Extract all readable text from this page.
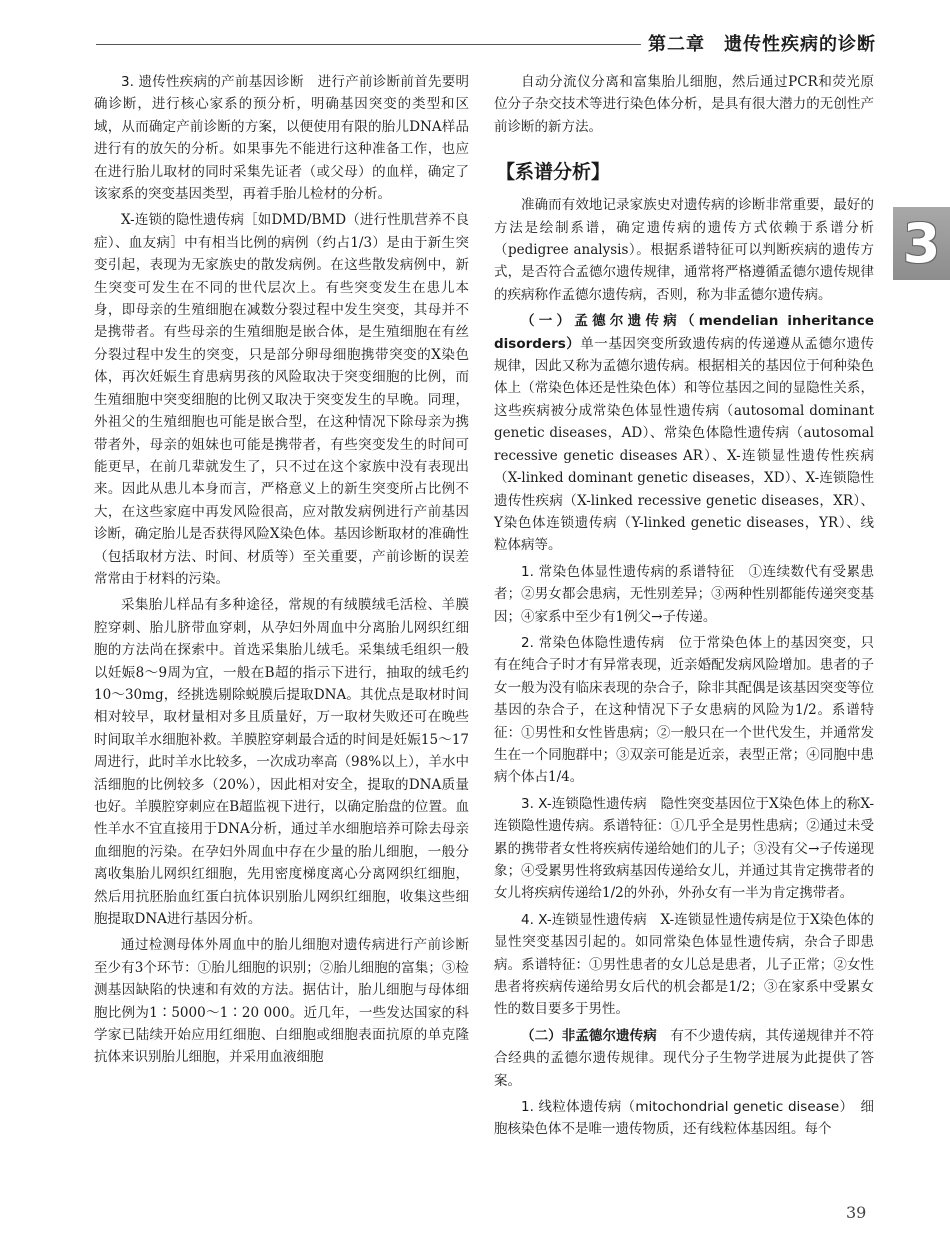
第二章　遗传性疾病的诊断
3

3. 遗传性疾病的产前基因诊断　 进行产前诊断前首先要明确诊断，进行核心家系的预分析，明确基因突变的类型和区域，从而确定产前诊断的方案，以便使用有限的胎儿DNA样品进行有的放矢的分析。如果事先不能进行这种准备工作，也应在进行胎儿取材的同时采集先证者（或父母）的血样，确定了该家系的突变基因类型，再着手胎儿检材的分析。

X-连锁的隐性遗传病［如DMD/BMD（进行性肌营养不良症）、血友病］中有相当比例的病例（约占1/3）是由于新生突变引起，表现为无家族史的散发病例。在这些散发病例中，新生突变可发生在不同的世代层次上。有些突变发生在患儿本身，即母亲的生殖细胞在减数分裂过程中发生突变，其母并不是携带者。有些母亲的生殖细胞是嵌合体，是生殖细胞在有丝分裂过程中发生的突变，只是部分卵母细胞携带突变的X染色体，再次妊娠生育患病男孩的风险取决于突变细胞的比例，而生殖细胞中突变细胞的比例又取决于突变发生的早晚。同理，外祖父的生殖细胞也可能是嵌合型，在这种情况下除母亲为携带者外，母亲的姐妹也可能是携带者，有些突变发生的时间可能更早，在前几辈就发生了，只不过在这个家族中没有表现出来。因此从患儿本身而言，严格意义上的新生突变所占比例不大，在这些家庭中再发风险很高，应对散发病例进行产前基因诊断，确定胎儿是否获得风险X染色体。基因诊断取材的准确性（包括取材方法、时间、材质等）至关重要，产前诊断的误差常常由于材料的污染。

采集胎儿样品有多种途径，常规的有绒膜绒毛活检、羊膜腔穿刺、胎儿脐带血穿刺，从孕妇外周血中分离胎儿网织红细胞的方法尚在探索中。首选采集胎儿绒毛。采集绒毛组织一般以妊娠8～9周为宜，一般在B超的指示下进行，抽取的绒毛约10～30mg，经挑选剔除蜕膜后提取DNA。其优点是取材时间相对较早，取材量相对多且质量好，万一取材失败还可在晚些时间取羊水细胞补救。羊膜腔穿刺最合适的时间是妊娠15～17周进行，此时羊水比较多，一次成功率高（98%以上），羊水中活细胞的比例较多（20%），因此相对安全，提取的DNA质量也好。羊膜腔穿刺应在B超监视下进行，以确定胎盘的位置。血性羊水不宜直接用于DNA分析，通过羊水细胞培养可除去母亲血细胞的污染。在孕妇外周血中存在少量的胎儿细胞，一般分离收集胎儿网织红细胞，先用密度梯度离心分离网织红细胞，然后用抗胚胎血红蛋白抗体识别胎儿网织红细胞，收集这些细胞提取DNA进行基因分析。

通过检测母体外周血中的胎儿细胞对遗传病进行产前诊断至少有3个环节：①胎儿细胞的识别；②胎儿细胞的富集；③检测基因缺陷的快速和有效的方法。据估计，胎儿细胞与母体细胞比例为1∶5000～1∶20 000。近几年，一些发达国家的科学家已陆续开始应用红细胞、白细胞或细胞表面抗原的单克隆抗体来识别胎儿细胞，并采用血液细胞

自动分流仪分离和富集胎儿细胞，然后通过PCR和荧光原位分子杂交技术等进行染色体分析，是具有很大潜力的无创性产前诊断的新方法。

【系谱分析】

准确而有效地记录家族史对遗传病的诊断非常重要，最好的方法是绘制系谱，确定遗传病的遗传方式依赖于系谱分析（pedigree analysis）。根据系谱特征可以判断疾病的遗传方式，是否符合孟德尔遗传规律，通常将严格遵循孟德尔遗传规律的疾病称作孟德尔遗传病，否则，称为非孟德尔遗传病。

（一）孟德尔遗传病（mendelian inheritance disorders）单一基因突变所致遗传病的传递遵从孟德尔遗传规律，因此又称为孟德尔遗传病。根据相关的基因位于何种染色体上（常染色体还是性染色体）和等位基因之间的显隐性关系，这些疾病被分成常染色体显性遗传病（autosomal dominant genetic diseases，AD）、常染色体隐性遗传病（autosomal recessive genetic diseases AR）、X-连锁显性遗传性疾病（X-linked dominant genetic diseases，XD）、X-连锁隐性遗传性疾病（X-linked recessive genetic diseases，XR）、Y染色体连锁遗传病（Y-linked genetic diseases，YR）、线粒体病等。

1. 常染色体显性遗传病的系谱特征　 ①连续数代有受累患者；②男女都会患病，无性别差异；③两种性别都能传递突变基因；④家系中至少有1例父→子传递。

2. 常染色体隐性遗传病　 位于常染色体上的基因突变，只有在纯合子时才有异常表现，近亲婚配发病风险增加。患者的子女一般为没有临床表现的杂合子，除非其配偶是该基因突变等位基因的杂合子，在这种情况下子女患病的风险为1/2。系谱特征：①男性和女性皆患病；②一般只在一个世代发生，并通常发生在一个同胞群中；③双亲可能是近亲，表型正常；④同胞中患病个体占1/4。

3. X-连锁隐性遗传病　 隐性突变基因位于X染色体上的称X-连锁隐性遗传病。系谱特征：①几乎全是男性患病；②通过未受累的携带者女性将疾病传递给她们的儿子；③没有父→子传递现象；④受累男性将致病基因传递给女儿，并通过其肯定携带者的女儿将疾病传递给1/2的外孙，外孙女有一半为肯定携带者。

4. X-连锁显性遗传病　 X-连锁显性遗传病是位于X染色体的显性突变基因引起的。如同常染色体显性遗传病，杂合子即患病。系谱特征：①男性患者的女儿总是患者，儿子正常；②女性患者将疾病传递给男女后代的机会都是1/2；③在家系中受累女性的数目要多于男性。

（二）非孟德尔遗传病　 有不少遗传病，其传递规律并不符合经典的孟德尔遗传规律。现代分子生物学进展为此提供了答案。

1. 线粒体遗传病（mitochondrial genetic disease）　 细胞核染色体不是唯一遗传物质，还有线粒体基因组。每个

39
